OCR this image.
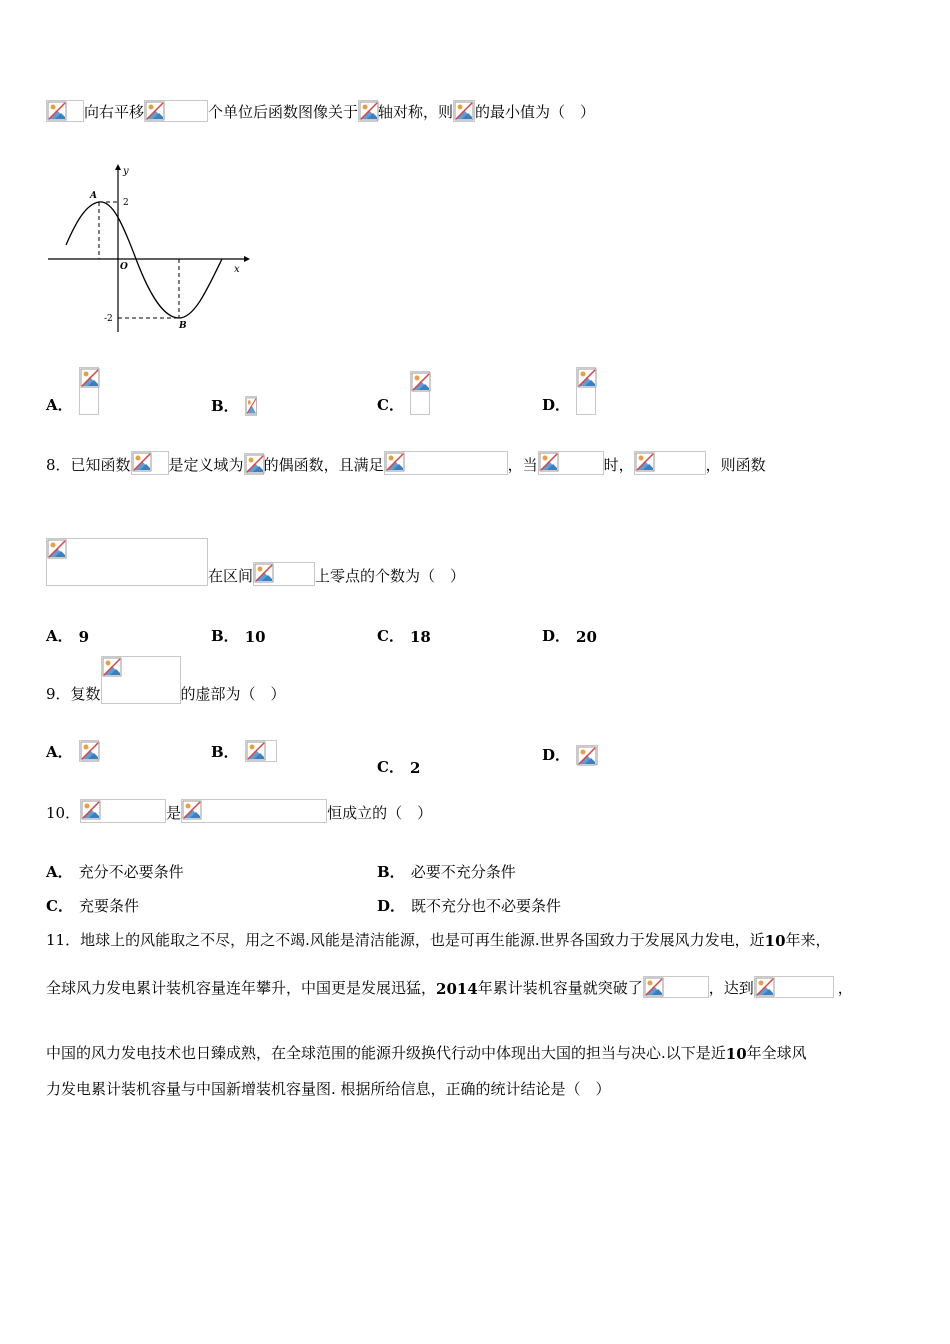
向右平移	个单位后函数图像关于 轴对称，则 的最小值为（　）
y
x
O
2
-2
A
B
A．	B．	C．	D．
8．已知函数	是定义域为 的偶函数，且满足	，当	时，	，则函数
在区间	上零点的个数为（　）
A． 9	B． 10	C． 18	D． 20
9．复数	的虚部为（　）
A．	B．
C． 2
D．
10．	是	恒成立的（　）
A． 充分不必要条件	B． 必要不充分条件
C． 充要条件	D． 既不充分也不必要条件
11．地球上的风能取之不尽，用之不竭.风能是清洁能源，也是可再生能源.世界各国致力于发展风力发电，近 10 年来，
全球风力发电累计装机容量连年攀升，中国更是发展迅猛， 2014 年累计装机容量就突破了	，达到	，
中国的风力发电技术也日臻成熟，在全球范围的能源升级换代行动中体现出大国的担当与决心.以下是近 10 年全球风
力发电累计装机容量与中国新增装机容量图. 根据所给信息，正确的统计结论是（　）
